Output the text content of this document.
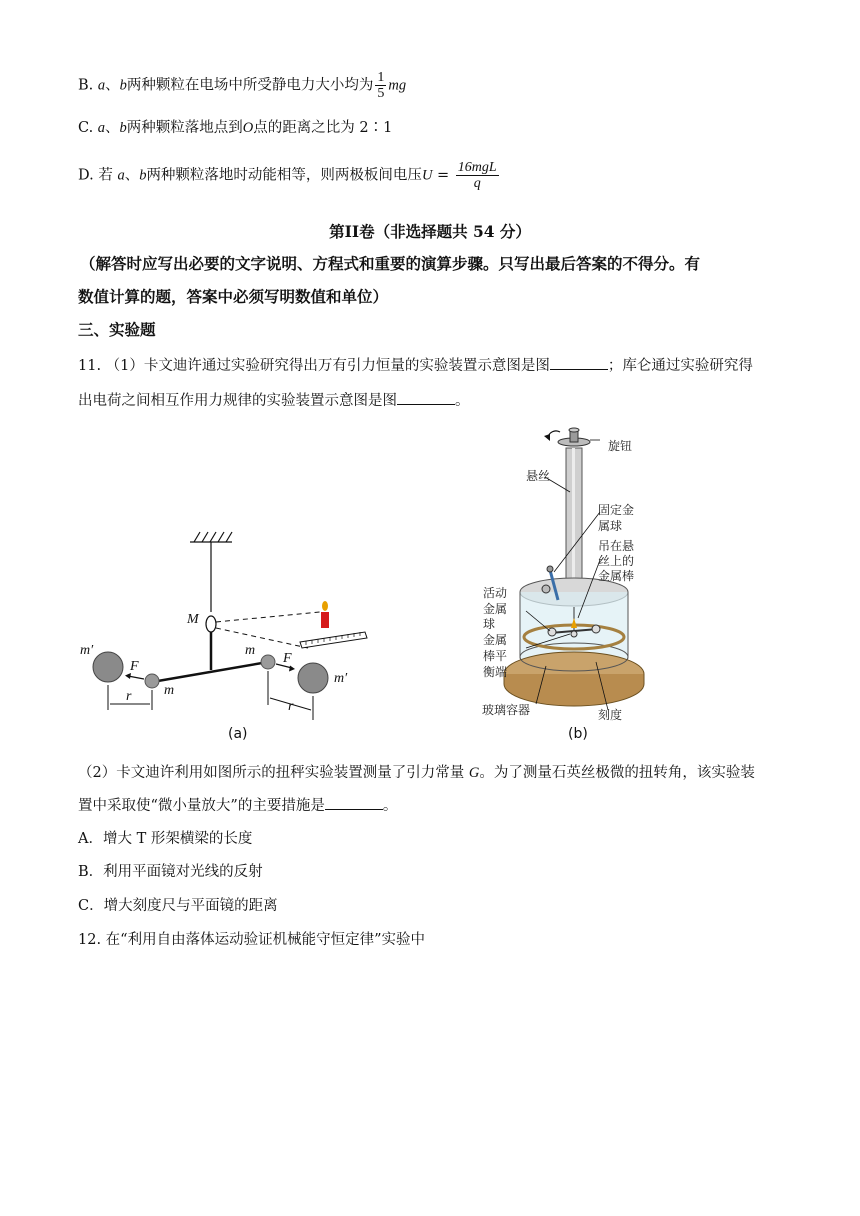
B. a、b两种颗粒在电场中所受静电力大小均为 $\frac{1}{5}$ mg
C. a、b两种颗粒落地点到O点的距离之比为 2∶1
D. 若 a、b两种颗粒落地时动能相等，则两极板间电压$U = \frac{\text{16mgL}}{q}$
第II卷（非选择题共 54 分）
（解答时应写出必要的文字说明、方程式和重要的演算步骤。只写出最后答案的不得分。有
数值计算的题，答案中必须写明数值和单位）
三、实验题
11. （1）卡文迪许通过实验研究得出万有引力恒量的实验装置示意图是图	；库仑通过实验研究得
出电荷之间相互作用力规律的实验装置示意图是图	。
M
m′
F
r m
m
F
m′
r
(a)
旋钮
悬丝
固定金
属球
吊在悬
丝上的
金属棒
活动
金属
球
金属
棒平
衡端
玻璃容器	刻度
(b)
（2）卡文迪许利用如图所示的扭秤实验装置测量了引力常量 G。为了测量石英丝极微的扭转角，该实验装
置中采取使“微小量放大”的主要措施是	。
A．增大 T 形架横梁的长度
B．利用平面镜对光线的反射
C．增大刻度尺与平面镜的距离
12. 在“利用自由落体运动验证机械能守恒定律”实验中
